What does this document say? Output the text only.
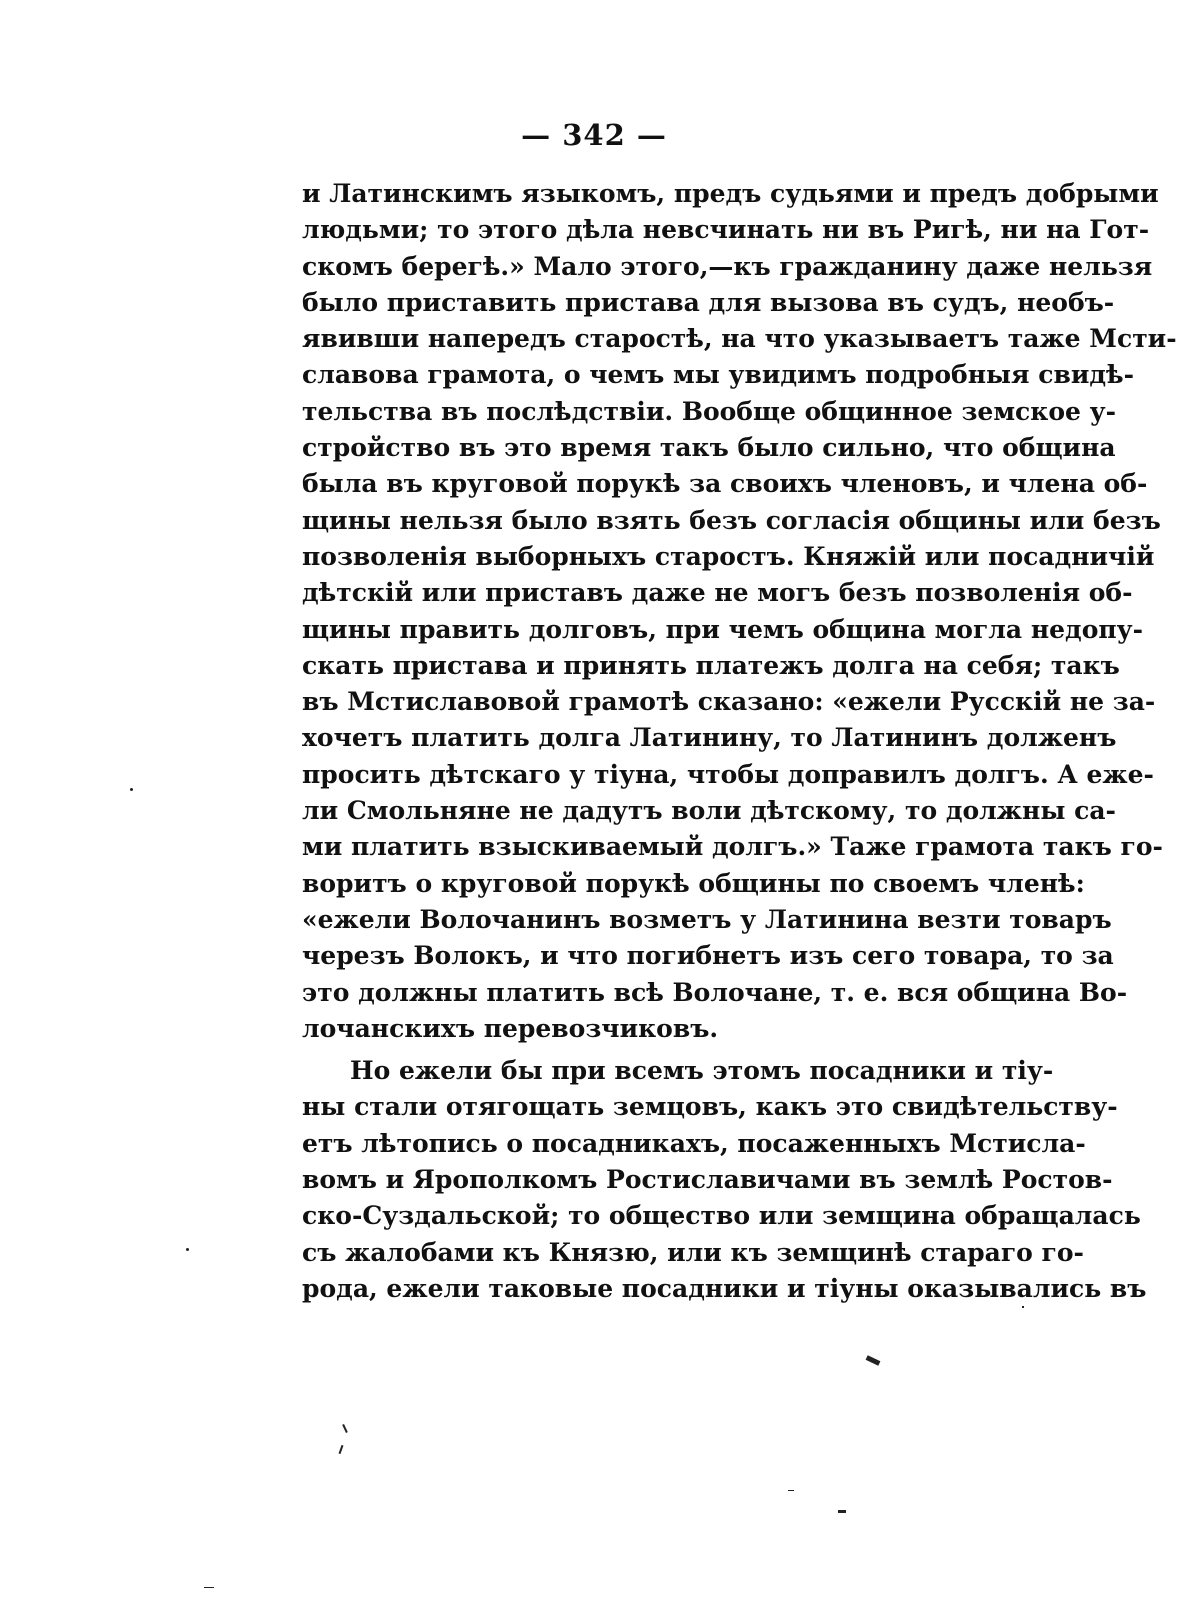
— 342 —
и Латинскимъ языкомъ, предъ судьями и предъ добрыми
людьми; то этого дѣла невсчинать ни въ Ригѣ, ни на Гот-
скомъ берегѣ.» Мало этого,—къ гражданину даже нельзя
было приставить пристава для вызова въ судъ, необъ-
явивши напередъ старостѣ, на что указываетъ таже Мсти-
славова грамота, о чемъ мы увидимъ подробныя свидѣ-
тельства въ послѣдствіи. Вообще общинное земское у-
стройство въ это время такъ было сильно, что община
была въ круговой порукѣ за своихъ членовъ, и члена об-
щины нельзя было взять безъ согласія общины или безъ
позволенія выборныхъ старостъ. Княжій или посадничій
дѣтскій или приставъ даже не могъ безъ позволенія об-
щины править долговъ, при чемъ община могла недопу-
скать пристава и принять платежъ долга на себя; такъ
въ Мстиславовой грамотѣ сказано: «ежели Русскій не за-
хочетъ платить долга Латинину, то Латининъ долженъ
просить дѣтскаго у тіуна, чтобы доправилъ долгъ. А еже-
ли Смольняне не дадутъ воли дѣтскому, то должны са-
ми платить взыскиваемый долгъ.» Таже грамота такъ го-
воритъ о круговой порукѣ общины по своемъ членѣ:
«ежели Волочанинъ возметъ у Латинина везти товаръ
черезъ Волокъ, и что погибнетъ изъ сего товара, то за
это должны платить всѣ Волочане, т. е. вся община Во-
лочанскихъ перевозчиковъ.
Но ежели бы при всемъ этомъ посадники и тіу-
ны стали отягощать земцовъ, какъ это свидѣтельству-
етъ лѣтопись о посадникахъ, посаженныхъ Мстисла-
вомъ и Ярополкомъ Ростиславичами въ землѣ Ростов-
ско-Суздальской; то общество или земщина обращалась
съ жалобами къ Князю, или къ земщинѣ стараго го-
рода, ежели таковые посадники и тіуны оказывались въ
